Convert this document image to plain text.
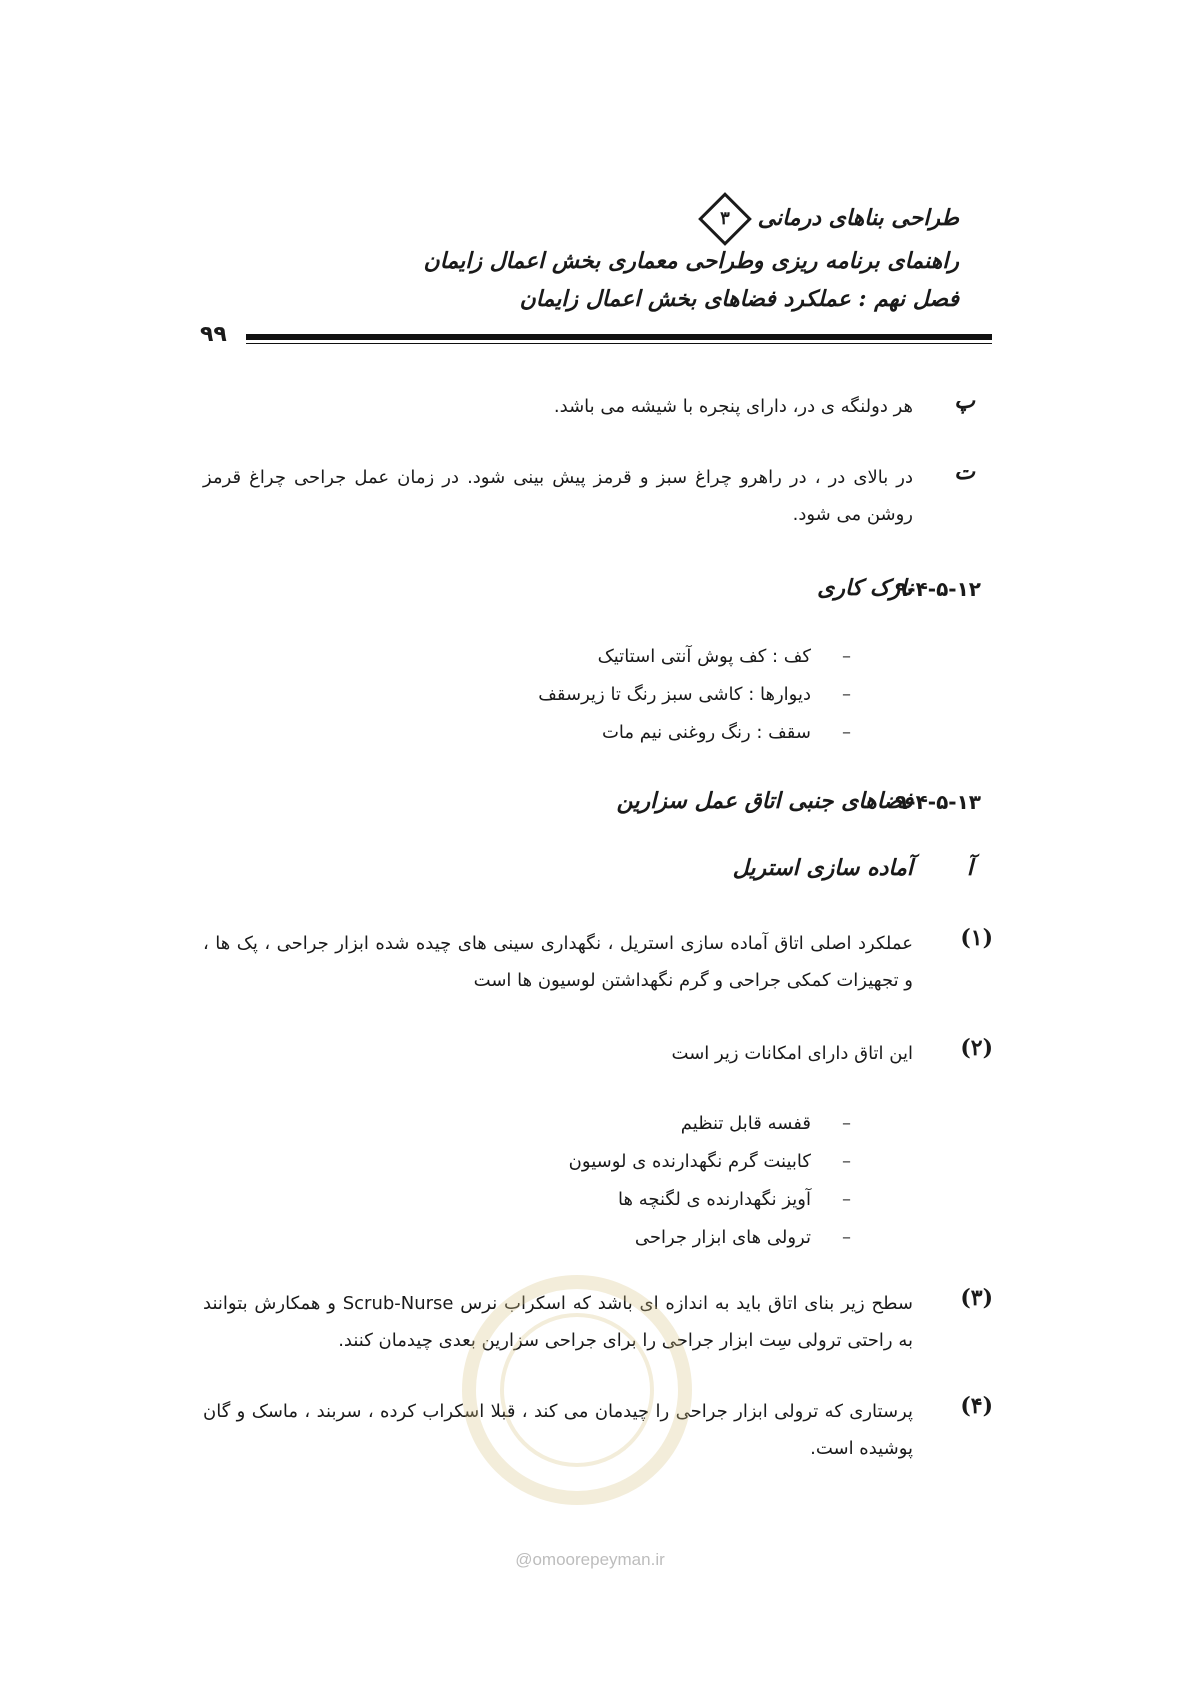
طراحی بناهای درمانی
۳
راهنمای برنامه ریزی وطراحی معماری بخش اعمال زایمان
فصل نهم : عملکرد فضاهای بخش اعمال زایمان
۹۹
پ
هر دولنگه ی در، دارای پنجره با شیشه می باشد.
ت
در بالای در ، در راهرو چراغ سبز و قرمز پیش بینی شود. در زمان عمل جراحی چراغ قرمز روشن می شود.
۹-۴-۵-۱۲
نازک کاری
– کف : کف پوش آنتی استاتیک
– دیوارها : کاشی سبز رنگ تا زیرسقف
– سقف : رنگ روغنی نیم مات
۹-۴-۵-۱۳
فضاهای جنبی اتاق عمل سزارین
آ
آماده سازی استریل
(۱)
عملکرد اصلی اتاق آماده سازی استریل ، نگهداری سینی های چیده شده ابزار جراحی ، پک ها ، و تجهیزات کمکی جراحی و گرم نگهداشتن لوسیون ها است
(۲)
این اتاق دارای امکانات زیر است
– قفسه قابل تنظیم
– کابینت گرم نگهدارنده ی لوسیون
– آویز نگهدارنده ی لگنچه ها
– ترولی های ابزار جراحی
(۳)
سطح زیر بنای اتاق باید به اندازه ای باشد که اسکراب نرس Scrub-Nurse و همکارش بتوانند به راحتی ترولی سِت ابزار جراحی را برای جراحی سزارین بعدی چیدمان کنند.
(۴)
پرستاری که ترولی ابزار جراحی را چیدمان می کند ، قبلا اسکراب کرده ، سربند ، ماسک و گان پوشیده است.
@omoorepeyman.ir
